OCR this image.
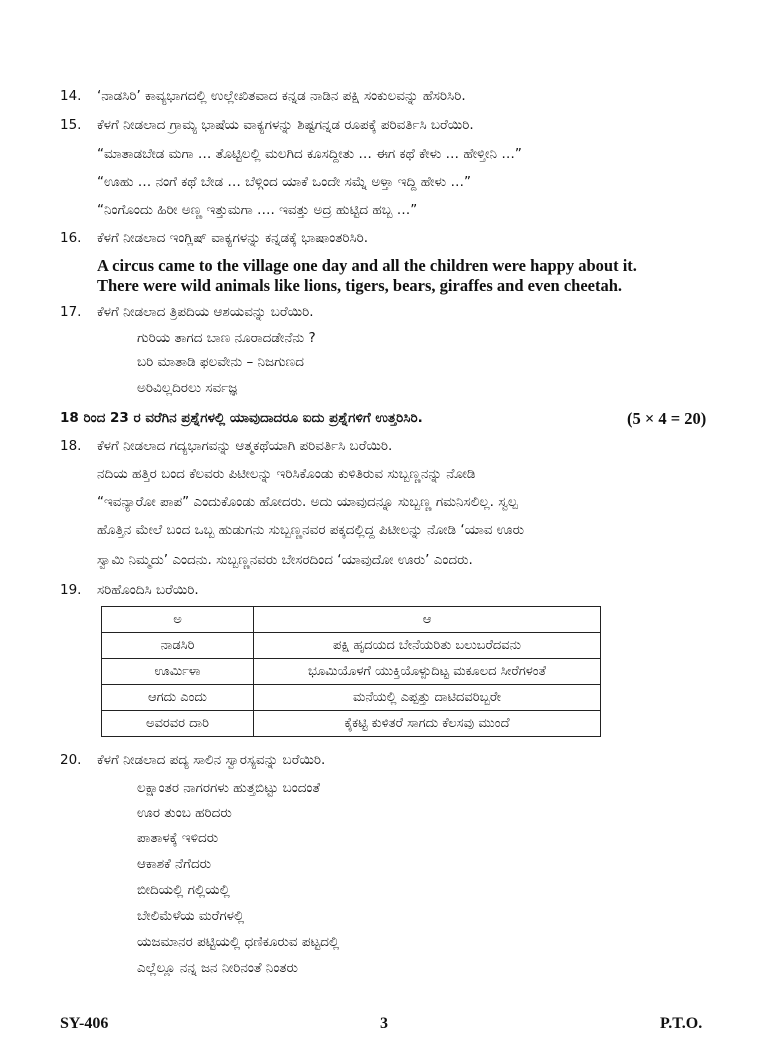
14. ‘ನಾಡಸಿರಿ’ ಕಾವ್ಯಭಾಗದಲ್ಲಿ ಉಲ್ಲೇಖಿತವಾದ ಕನ್ನಡ ನಾಡಿನ ಪಕ್ಷಿ ಸಂಕುಲವನ್ನು ಹೆಸರಿಸಿರಿ.
15. ಕೆಳಗೆ ನೀಡಲಾದ ಗ್ರಾಮ್ಯ ಭಾಷೆಯ ವಾಕ್ಯಗಳನ್ನು ಶಿಷ್ಟಗನ್ನಡ ರೂಪಕ್ಕೆ ಪರಿವರ್ತಿಸಿ ಬರೆಯಿರಿ.
“ಮಾತಾಡಬೇಡ ಮಗಾ … ತೊಟ್ಟಿಲಲ್ಲಿ ಮಲಗಿದ ಕೂಸದ್ದೀತು … ಈಗ ಕಥೆ ಕೇಳು … ಹೇಳ್ತೀನಿ …”
“ಊಹು … ನಂಗೆ ಕಥೆ ಬೇಡ … ಬೆಳ್ಗಿಂದ ಯಾಕೆ ಒಂದೇ ಸಮ್ನೆ ಅಳ್ತಾ ಇದ್ದಿ ಹೇಳು …”
“ನಿಂಗೊಂದು ಹಿರೀ ಅಣ್ಣ ಇತ್ತುಮಗಾ …. ಇವತ್ತು ಅದ್ರ ಹುಟ್ಟಿದ ಹಬ್ಬ …”
16. ಕೆಳಗೆ ನೀಡಲಾದ ಇಂಗ್ಲಿಷ್ ವಾಕ್ಯಗಳನ್ನು ಕನ್ನಡಕ್ಕೆ ಭಾಷಾಂತರಿಸಿರಿ.
A circus came to the village one day and all the children were happy about it.
There were wild animals like lions, tigers, bears, giraffes and even cheetah.
17. ಕೆಳಗೆ ನೀಡಲಾದ ತ್ರಿಪದಿಯ ಆಶಯವನ್ನು ಬರೆಯಿರಿ.
ಗುರಿಯ ತಾಗದ ಬಾಣ ನೂರಾದಡೇನೆನು ?
ಬರಿ ಮಾತಾಡಿ ಫಲವೇನು – ನಿಜಗುಣದ
ಅರಿವಿಲ್ಲದಿರಲು ಸರ್ವಜ್ಞ
18 ರಿಂದ 23 ರ ವರೆಗಿನ ಪ್ರಶ್ನೆಗಳಲ್ಲಿ ಯಾವುದಾದರೂ ಐದು ಪ್ರಶ್ನೆಗಳಿಗೆ ಉತ್ತರಿಸಿರಿ.	(5 × 4 = 20)
18. ಕೆಳಗೆ ನೀಡಲಾದ ಗದ್ಯಭಾಗವನ್ನು ಆತ್ಮಕಥೆಯಾಗಿ ಪರಿವರ್ತಿಸಿ ಬರೆಯಿರಿ.
ನದಿಯ ಹತ್ತಿರ ಬಂದ ಕೆಲವರು ಪಿಟೀಲನ್ನು ಇರಿಸಿಕೊಂಡು ಕುಳಿತಿರುವ ಸುಬ್ಬಣ್ಣನನ್ನು ನೋಡಿ
“ಇವನ್ಯಾರೋ ಪಾಪ” ಎಂದುಕೊಂಡು ಹೋದರು. ಅದು ಯಾವುದನ್ನೂ ಸುಬ್ಬಣ್ಣ ಗಮನಿಸಲಿಲ್ಲ. ಸ್ವಲ್ಪ
ಹೊತ್ತಿನ ಮೇಲೆ ಬಂದ ಒಬ್ಬ ಹುಡುಗನು ಸುಬ್ಬಣ್ಣನವರ ಪಕ್ಕದಲ್ಲಿದ್ದ ಪಿಟೀಲನ್ನು ನೋಡಿ ‘ಯಾವ ಊರು
ಸ್ವಾಮಿ ನಿಮ್ಮದು’ ಎಂದನು. ಸುಬ್ಬಣ್ಣನವರು ಬೇಸರದಿಂದ ‘ಯಾವುದೋ ಊರು’ ಎಂದರು.
19. ಸರಿಹೊಂದಿಸಿ ಬರೆಯಿರಿ.
ಅ	ಆ
ನಾಡಸಿರಿ	ಪಕ್ಷಿ ಹೃದಯದ ಬೇನೆಯರಿತು ಬಲುಬರೆದವನು
ಊರ್ಮಿಳಾ	ಭೂಮಿಯೊಳಗೆ ಯುಕ್ತಿಯೊಳ್ಪುದಿಟ್ಟ ಮಕೂಲದ ಸೀರೆಗಳಂತೆ
ಆಗದು ಎಂದು	ಮನೆಯಲ್ಲಿ ಎಪ್ಪತ್ತು ದಾಟಿದವರಿಬ್ಬರೇ
ಅವರವರ ದಾರಿ	ಕೈಕಟ್ಟಿ ಕುಳಿತರೆ ಸಾಗದು ಕೆಲಸವು ಮುಂದೆ
20. ಕೆಳಗೆ ನೀಡಲಾದ ಪದ್ಯ ಸಾಲಿನ ಸ್ವಾರಸ್ಯವನ್ನು ಬರೆಯಿರಿ.
ಲಕ್ಷಾಂತರ ನಾಗರಗಳು ಹುತ್ತಬಿಟ್ಟು ಬಂದಂತೆ
ಊರ ತುಂಬ ಹರಿದರು
ಪಾತಾಳಕ್ಕೆ ಇಳಿದರು
ಆಕಾಶಕೆ ನೆಗೆದರು
ಬೀದಿಯಲ್ಲಿ ಗಲ್ಲಿಯಲ್ಲಿ
ಬೇಲಿಮೆಳೆಯ ಮರೆಗಳಲ್ಲಿ
ಯಜಮಾನರ ಪಟ್ಟಿಯಲ್ಲಿ ಧಣಿಕೂರುವ ಪಟ್ಟದಲ್ಲಿ
ಎಲ್ಲೆಲ್ಲೂ ನನ್ನ ಜನ ನೀರಿನಂತೆ ನಿಂತರು
SY-406	3	P.T.O.
